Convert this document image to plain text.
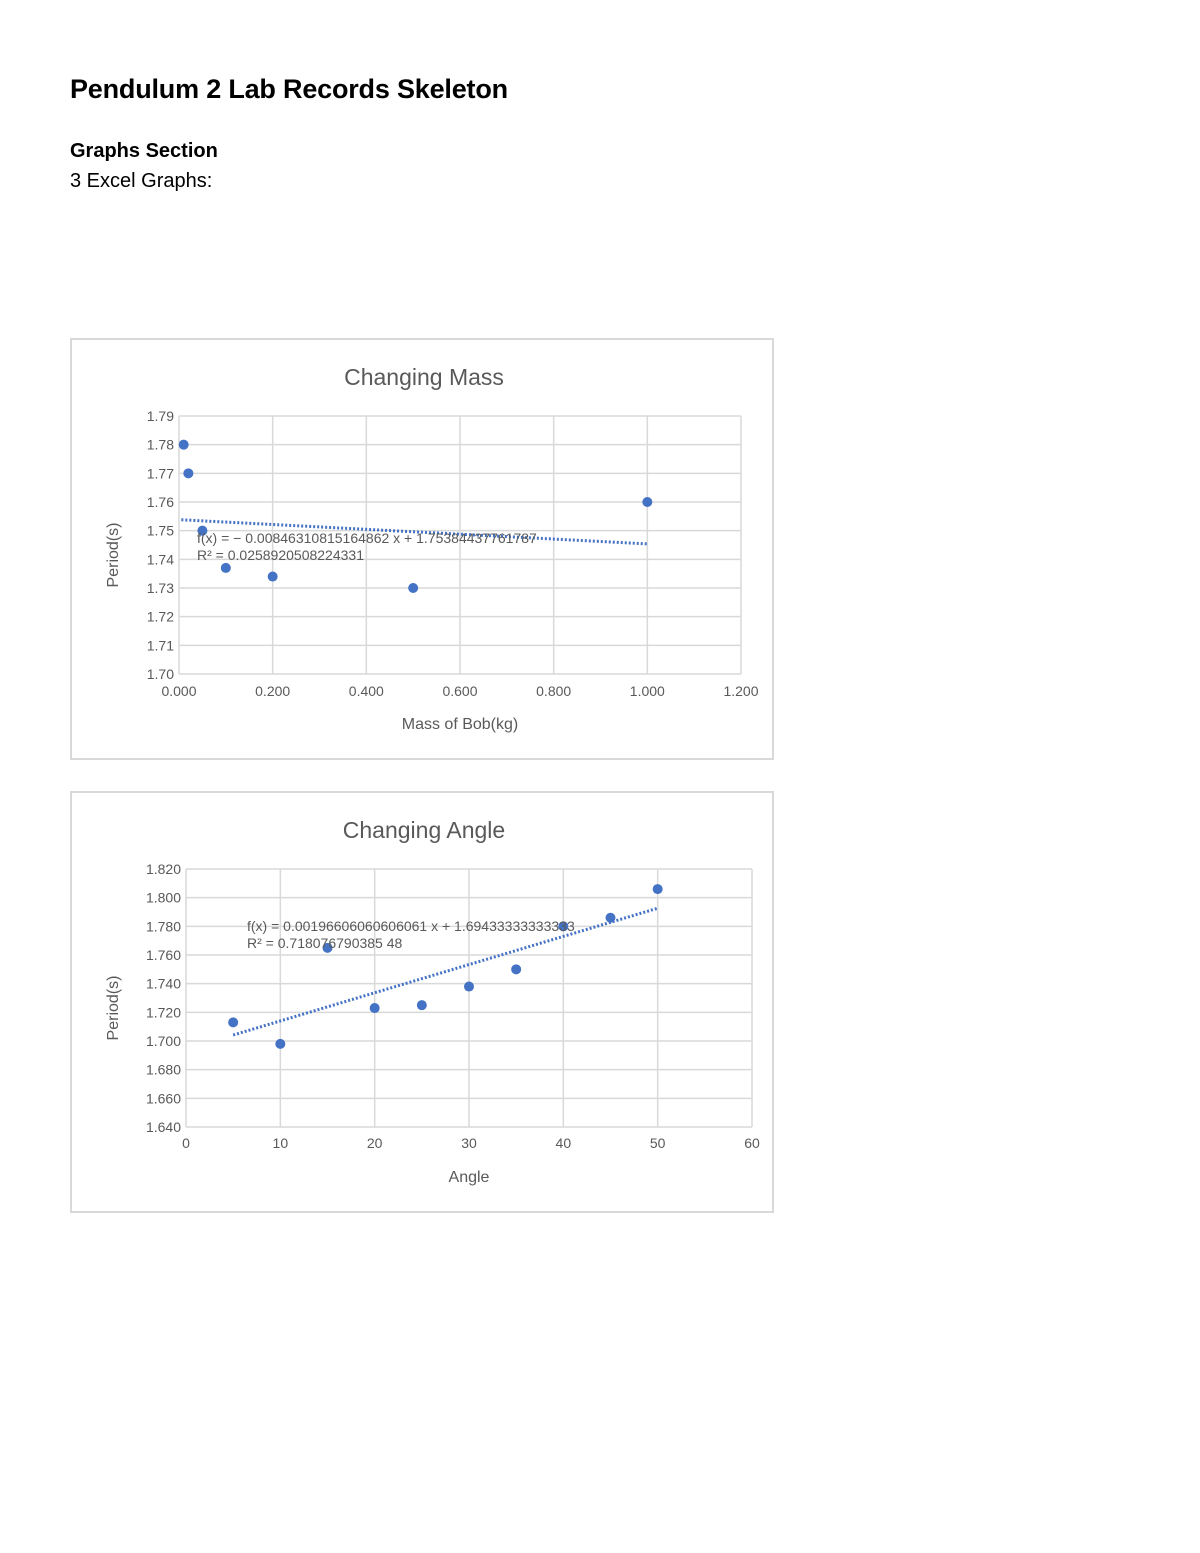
Pendulum 2 Lab Records Skeleton
Graphs Section

3 Excel Graphs:

Changing Mass
1.70
1.71
1.72
1.73
1.74
1.75
1.76
1.77
1.78
1.79
0.000	0.200	0.400	0.600	0.800	1.000	1.200
Mass of Bob(kg)
Period(s)	f(x) = − 0.00846310815164862 x + 1.75384437761787
R² = 0.0258920508224331
Changing Angle
1.640
1.660
1.680
1.700
1.720
1.740
1.760
1.780
1.800
1.820
0	10	20	30	40	50	60
Angle
Period(s)
f(x) = 0.00196606060606061 x + 1.69433333333333
R² = 0.718076790385 48
